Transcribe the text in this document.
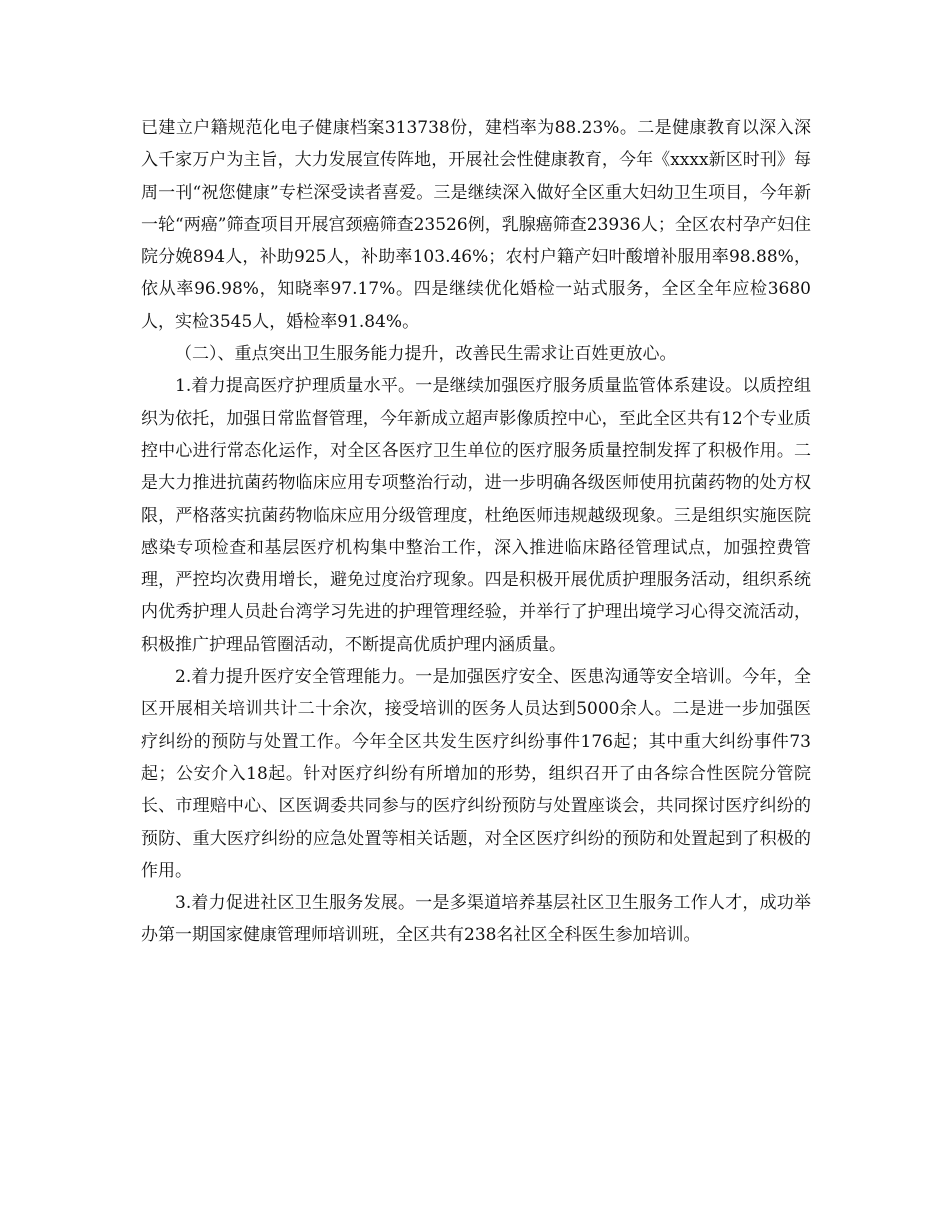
已建立户籍规范化电子健康档案313738份，建档率为88.23%。二是健康教育以深入深入千家万户为主旨，大力发展宣传阵地，开展社会性健康教育，今年《xxxx新区时刊》每周一刊“祝您健康”专栏深受读者喜爱。三是继续深入做好全区重大妇幼卫生项目，今年新一轮“两癌”筛查项目开展宫颈癌筛查23526例，乳腺癌筛查23936人；全区农村孕产妇住院分娩894人，补助925人，补助率103.46%；农村户籍产妇叶酸增补服用率98.88%，依从率96.98%，知晓率97.17%。四是继续优化婚检一站式服务，全区全年应检3680人，实检3545人，婚检率91.84%。

（二）、重点突出卫生服务能力提升，改善民生需求让百姓更放心。

1.着力提高医疗护理质量水平。一是继续加强医疗服务质量监管体系建设。以质控组织为依托，加强日常监督管理，今年新成立超声影像质控中心，至此全区共有12个专业质控中心进行常态化运作，对全区各医疗卫生单位的医疗服务质量控制发挥了积极作用。二是大力推进抗菌药物临床应用专项整治行动，进一步明确各级医师使用抗菌药物的处方权限，严格落实抗菌药物临床应用分级管理度，杜绝医师违规越级现象。三是组织实施医院感染专项检查和基层医疗机构集中整治工作，深入推进临床路径管理试点，加强控费管理，严控均次费用增长，避免过度治疗现象。四是积极开展优质护理服务活动，组织系统内优秀护理人员赴台湾学习先进的护理管理经验，并举行了护理出境学习心得交流活动，积极推广护理品管圈活动，不断提高优质护理内涵质量。

2.着力提升医疗安全管理能力。一是加强医疗安全、医患沟通等安全培训。今年，全区开展相关培训共计二十余次，接受培训的医务人员达到5000余人。二是进一步加强医疗纠纷的预防与处置工作。今年全区共发生医疗纠纷事件176起；其中重大纠纷事件73起；公安介入18起。针对医疗纠纷有所增加的形势，组织召开了由各综合性医院分管院长、市理赔中心、区医调委共同参与的医疗纠纷预防与处置座谈会，共同探讨医疗纠纷的预防、重大医疗纠纷的应急处置等相关话题，对全区医疗纠纷的预防和处置起到了积极的作用。

3.着力促进社区卫生服务发展。一是多渠道培养基层社区卫生服务工作人才，成功举办第一期国家健康管理师培训班，全区共有238名社区全科医生参加培训。
